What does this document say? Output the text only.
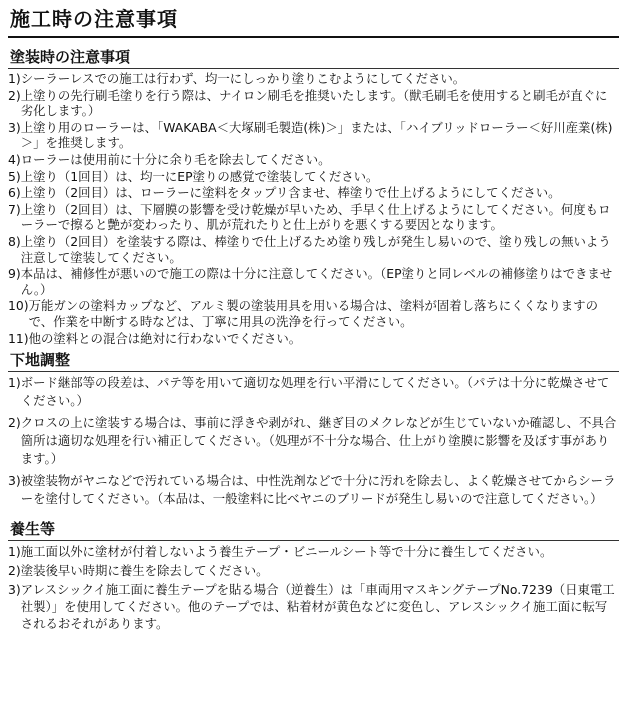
施工時の注意事項
塗装時の注意事項
1) シーラーレスでの施工は行わず、均一にしっかり塗りこむようにしてください。
2) 上塗りの先行刷毛塗りを行う際は、ナイロン刷毛を推奨いたします。（獣毛刷毛を使用すると刷毛が直ぐに劣化します。）
3) 上塗り用のローラーは、「WAKABA＜大塚刷毛製造(株)＞」または、「ハイブリッドローラー＜好川産業(株)＞」を推奨します。
4) ローラーは使用前に十分に余り毛を除去してください。
5) 上塗り（1回目）は、均一にEP塗りの感覚で塗装してください。
6) 上塗り（2回目）は、ローラーに塗料をタップリ含ませ、棒塗りで仕上げるようにしてください。
7) 上塗り（2回目）は、下層膜の影響を受け乾燥が早いため、手早く仕上げるようにしてください。何度もローラーで擦ると艶が変わったり、肌が荒れたりと仕上がりを悪くする要因となります。
8) 上塗り（2回目）を塗装する際は、棒塗りで仕上げるため塗り残しが発生し易いので、塗り残しの無いよう注意して塗装してください。
9) 本品は、補修性が悪いので施工の際は十分に注意してください。（EP塗りと同レベルの補修塗りはできません。）
10) 万能ガンの塗料カップなど、アルミ製の塗装用具を用いる場合は、塗料が固着し落ちにくくなりますので、作業を中断する時などは、丁寧に用具の洗浄を行ってください。
11) 他の塗料との混合は絶対に行わないでください。
下地調整
1) ボード継部等の段差は、パテ等を用いて適切な処理を行い平滑にしてください。（パテは十分に乾燥させてください。）
2) クロスの上に塗装する場合は、事前に浮きや剥がれ、継ぎ目のメクレなどが生じていないか確認し、不具合箇所は適切な処理を行い補正してください。（処理が不十分な場合、仕上がり塗膜に影響を及ぼす事があります。）
3) 被塗装物がヤニなどで汚れている場合は、中性洗剤などで十分に汚れを除去し、よく乾燥させてからシーラーを塗付してください。（本品は、一般塗料に比べヤニのブリードが発生し易いので注意してください。）
養生等
1) 施工面以外に塗材が付着しないよう養生テープ・ビニールシート等で十分に養生してください。
2) 塗装後早い時期に養生を除去してください。
3) アレスシックイ施工面に養生テープを貼る場合（逆養生）は「車両用マスキングテープNo.7239（日東電工社製）」を使用してください。他のテープでは、粘着材が黄色などに変色し、アレスシックイ施工面に転写されるおそれがあります。
